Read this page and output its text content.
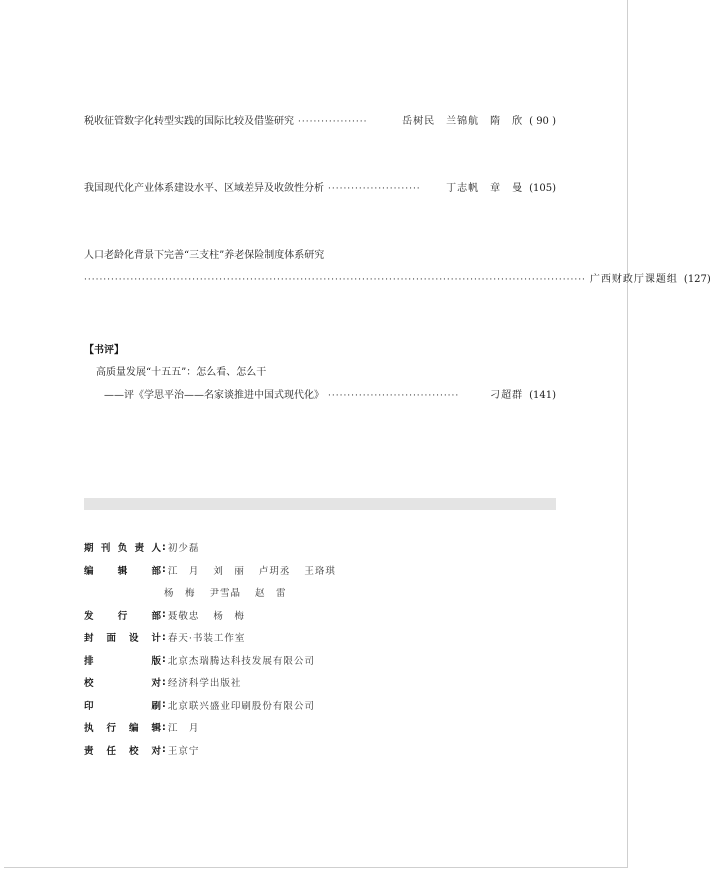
税收征管数字化转型实践的国际比较及借鉴研究 ··················	岳树民　兰锦航　隋　欣 ( 90 )
我国现代化产业体系建设水平、区域差异及收敛性分析 ························	丁志帆　章　曼 (105)
人口老龄化背景下完善“三支柱”养老保险制度体系研究
·································································································································· 广西财政厅课题组 (127)
【书评】
高质量发展“十五五”：怎么看、怎么干
——评《学思平治——名家谈推进中国式现代化》 ··································	刁超群 (141)
期 刊 负 责 人 : 初少磊
编	辑	部 : 江　月 刘　丽 卢玥丞 王珞琪
杨　梅 尹雪晶 赵　雷
发	行	部 : 聂敬忠 杨　梅
封 面 设 计 : 春天·书装工作室
排	版 : 北京杰瑞腾达科技发展有限公司
校	对 : 经济科学出版社
印	刷 : 北京联兴盛业印刷股份有限公司
执 行 编 辑 : 江　月
责 任 校 对 : 王京宁
